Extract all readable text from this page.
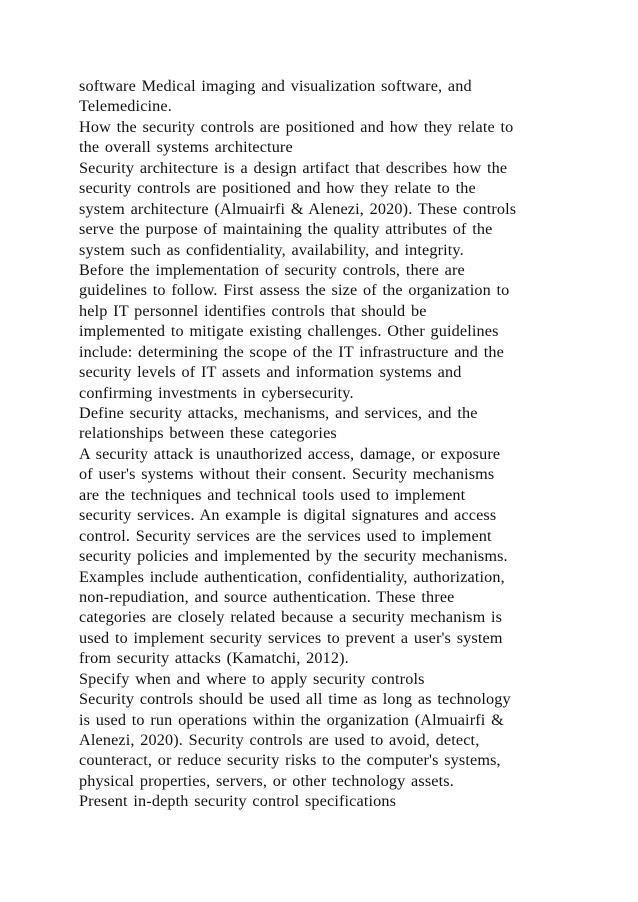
software Medical imaging and visualization software, and
Telemedicine.
How the security controls are positioned and how they relate to
the overall systems architecture
Security architecture is a design artifact that describes how the
security controls are positioned and how they relate to the
system architecture (Almuairfi & Alenezi, 2020). These controls
serve the purpose of maintaining the quality attributes of the
system such as confidentiality, availability, and integrity.
Before the implementation of security controls, there are
guidelines to follow. First assess the size of the organization to
help IT personnel identifies controls that should be
implemented to mitigate existing challenges. Other guidelines
include: determining the scope of the IT infrastructure and the
security levels of IT assets and information systems and
confirming investments in cybersecurity.
Define security attacks, mechanisms, and services, and the
relationships between these categories
A security attack is unauthorized access, damage, or exposure
of user's systems without their consent. Security mechanisms
are the techniques and technical tools used to implement
security services. An example is digital signatures and access
control. Security services are the services used to implement
security policies and implemented by the security mechanisms.
Examples include authentication, confidentiality, authorization,
non-repudiation, and source authentication. These three
categories are closely related because a security mechanism is
used to implement security services to prevent a user's system
from security attacks (Kamatchi, 2012).
Specify when and where to apply security controls
Security controls should be used all time as long as technology
is used to run operations within the organization (Almuairfi &
Alenezi, 2020). Security controls are used to avoid, detect,
counteract, or reduce security risks to the computer's systems,
physical properties, servers, or other technology assets.
Present in-depth security control specifications
